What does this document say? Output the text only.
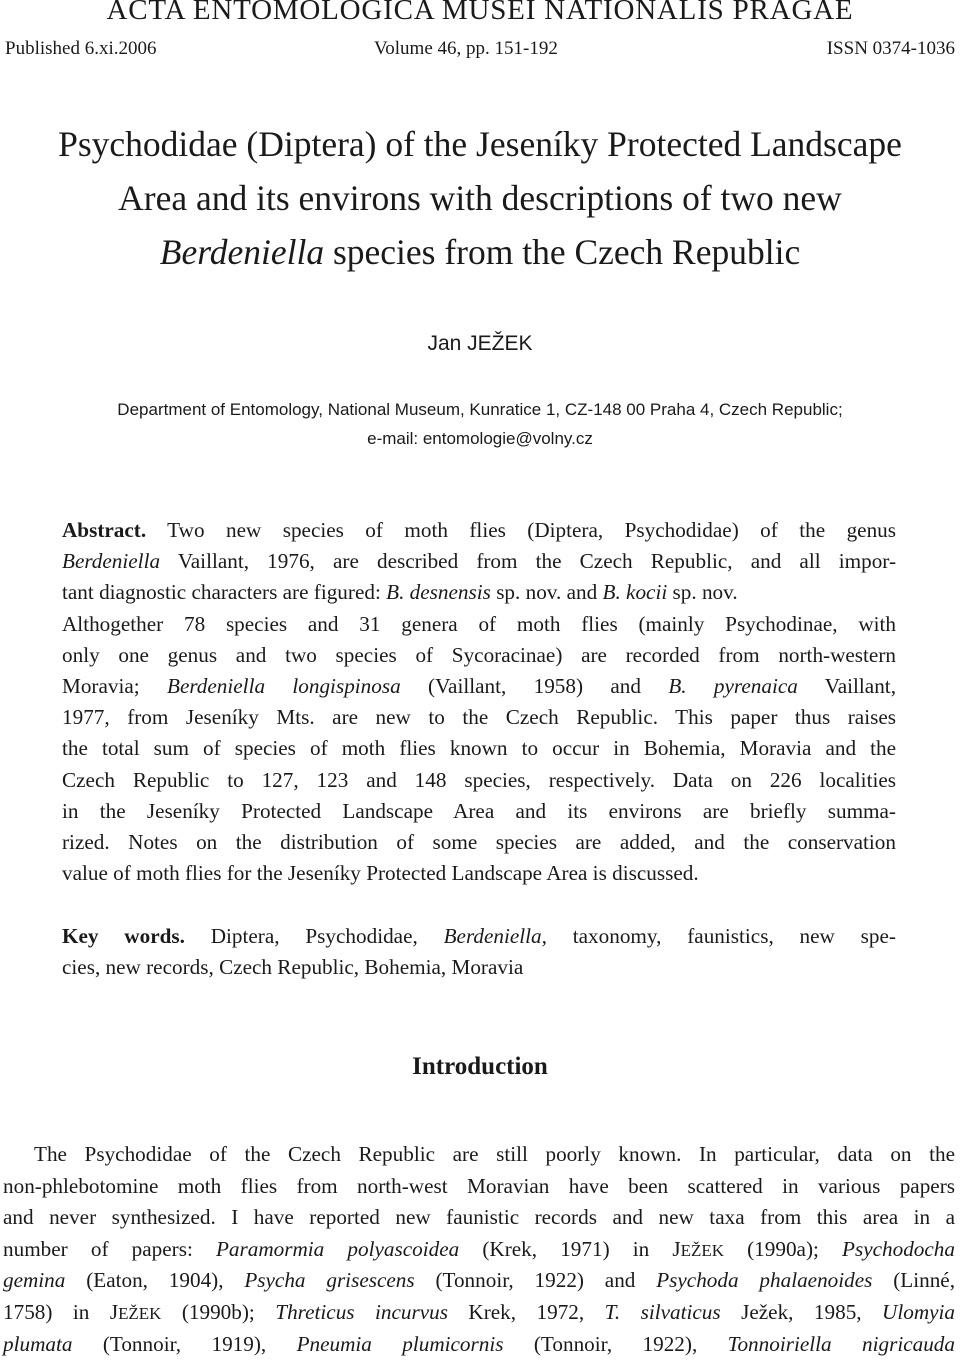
ACTA ENTOMOLOGICA MUSEI NATIONALIS PRAGAE
Published 6.xi.2006	Volume 46, pp. 151-192	ISSN 0374-1036
Psychodidae (Diptera) of the Jeseníky Protected Landscape
Area and its environs with descriptions of two new
Berdeniella species from the Czech Republic
Jan JEŽEK
Department of Entomology, National Museum, Kunratice 1, CZ-148 00 Praha 4, Czech Republic;
e-mail: entomologie@volny.cz
Abstract. Two new species of moth flies (Diptera, Psychodidae) of the genus
Berdeniella Vaillant, 1976, are described from the Czech Republic, and all impor-
tant diagnostic characters are figured: B. desnensis sp. nov. and B. kocii sp. nov.
Althogether 78 species and 31 genera of moth flies (mainly Psychodinae, with
only one genus and two species of Sycoracinae) are recorded from north-western
Moravia; Berdeniella longispinosa (Vaillant, 1958) and B. pyrenaica Vaillant,
1977, from Jeseníky Mts. are new to the Czech Republic. This paper thus raises
the total sum of species of moth flies known to occur in Bohemia, Moravia and the
Czech Republic to 127, 123 and 148 species, respectively. Data on 226 localities
in the Jeseníky Protected Landscape Area and its environs are briefly summa-
rized. Notes on the distribution of some species are added, and the conservation
value of moth flies for the Jeseníky Protected Landscape Area is discussed.
Key words. Diptera, Psychodidae, Berdeniella, taxonomy, faunistics, new spe-
cies, new records, Czech Republic, Bohemia, Moravia
Introduction
The Psychodidae of the Czech Republic are still poorly known. In particular, data on the
non-phlebotomine moth flies from north-west Moravian have been scattered in various papers
and never synthesized. I have reported new faunistic records and new taxa from this area in a
number of papers: Paramormia polyascoidea (Krek, 1971) in JEŽEK (1990a); Psychodocha
gemina (Eaton, 1904), Psycha grisescens (Tonnoir, 1922) and Psychoda phalaenoides (Linné,
1758) in JEŽEK (1990b); Threticus incurvus Krek, 1972, T. silvaticus Ježek, 1985, Ulomyia
plumata (Tonnoir, 1919), Pneumia plumicornis (Tonnoir, 1922), Tonnoiriella nigricauda
